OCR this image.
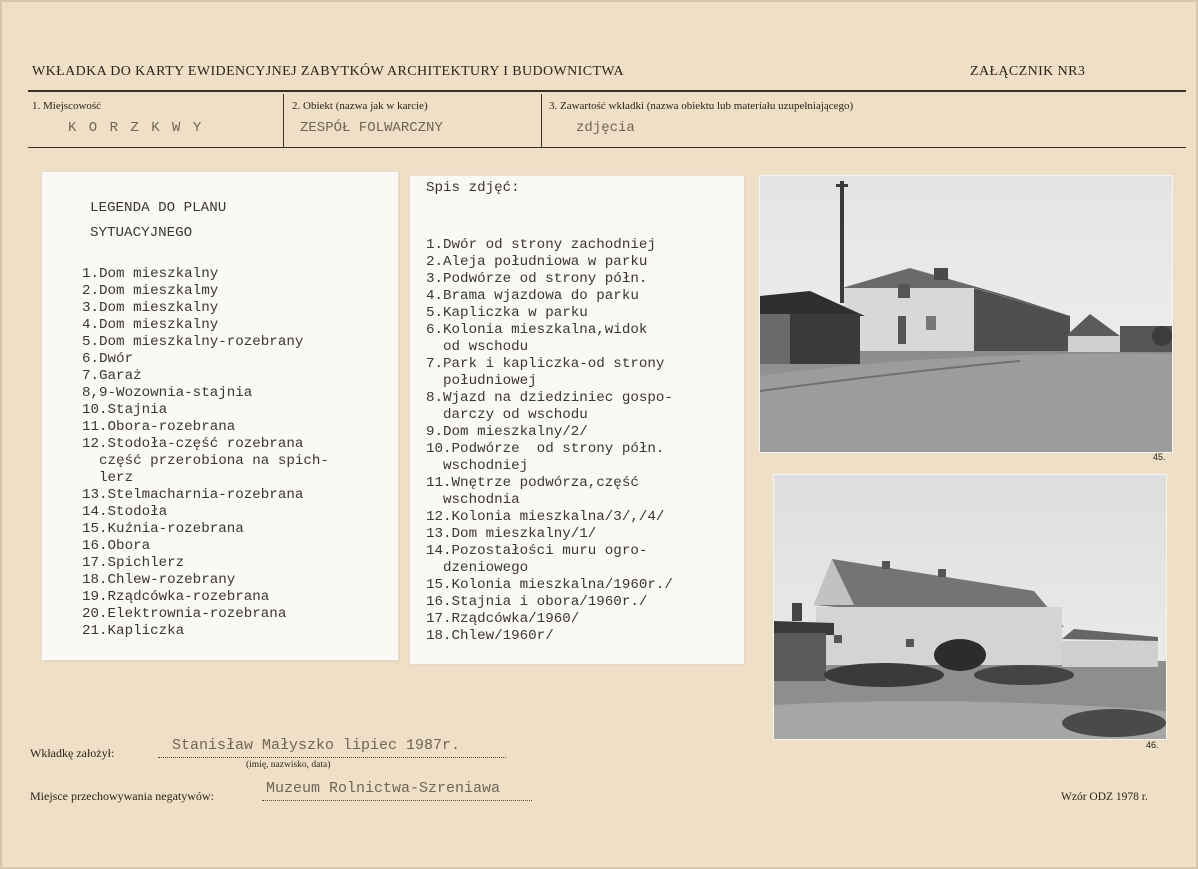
WKŁADKA DO KARTY EWIDENCYJNEJ ZABYTKÓW ARCHITEKTURY I BUDOWNICTWA	ZAŁĄCZNIK NR3
1. Miejscowość
K O R Z K W Y
2. Obiekt (nazwa jak w karcie)
ZESPÓŁ FOLWARCZNY
3. Zawartość wkładki (nazwa obiektu lub materiału uzupełniającego)
zdjęcia
LEGENDA DO PLANU
SYTUACYJNEGO
1.Dom mieszkalny
2.Dom mieszkalmy
3.Dom mieszkalny
4.Dom mieszkalny
5.Dom mieszkalny-rozebrany
6.Dwór
7.Garaż
8,9-Wozownia-stajnia
10.Stajnia
11.Obora-rozebrana
12.Stodoła-część rozebrana
część przerobiona na spich-
lerz
13.Stelmacharnia-rozebrana
14.Stodoła
15.Kuźnia-rozebrana
16.Obora
17.Spichlerz
18.Chlew-rozebrany
19.Rządcówka-rozebrana
20.Elektrownia-rozebrana
21.Kapliczka
Spis zdjęć:
1.Dwór od strony zachodniej
2.Aleja południowa w parku
3.Podwórze od strony półn.
4.Brama wjazdowa do parku
5.Kapliczka w parku
6.Kolonia mieszkalna,widok
od wschodu
7.Park i kapliczka-od strony
południowej
8.Wjazd na dziedziniec gospo-
darczy od wschodu
9.Dom mieszkalny/2/
10.Podwórze  od strony półn.
wschodniej
11.Wnętrze podwórza,część
wschodnia
12.Kolonia mieszkalna/3/,/4/
13.Dom mieszkalny/1/
14.Pozostałości muru ogro-
dzeniowego
15.Kolonia mieszkalna/1960r./
16.Stajnia i obora/1960r./
17.Rządcówka/1960/
18.Chlew/1960r/
45.
46.
Wkładkę założył:	Stanisław Małyszko lipiec 1987r.
(imię, nazwisko, data)
Miejsce przechowywania negatywów:	Muzeum Rolnictwa-Szreniawa	Wzór ODZ 1978 r.
